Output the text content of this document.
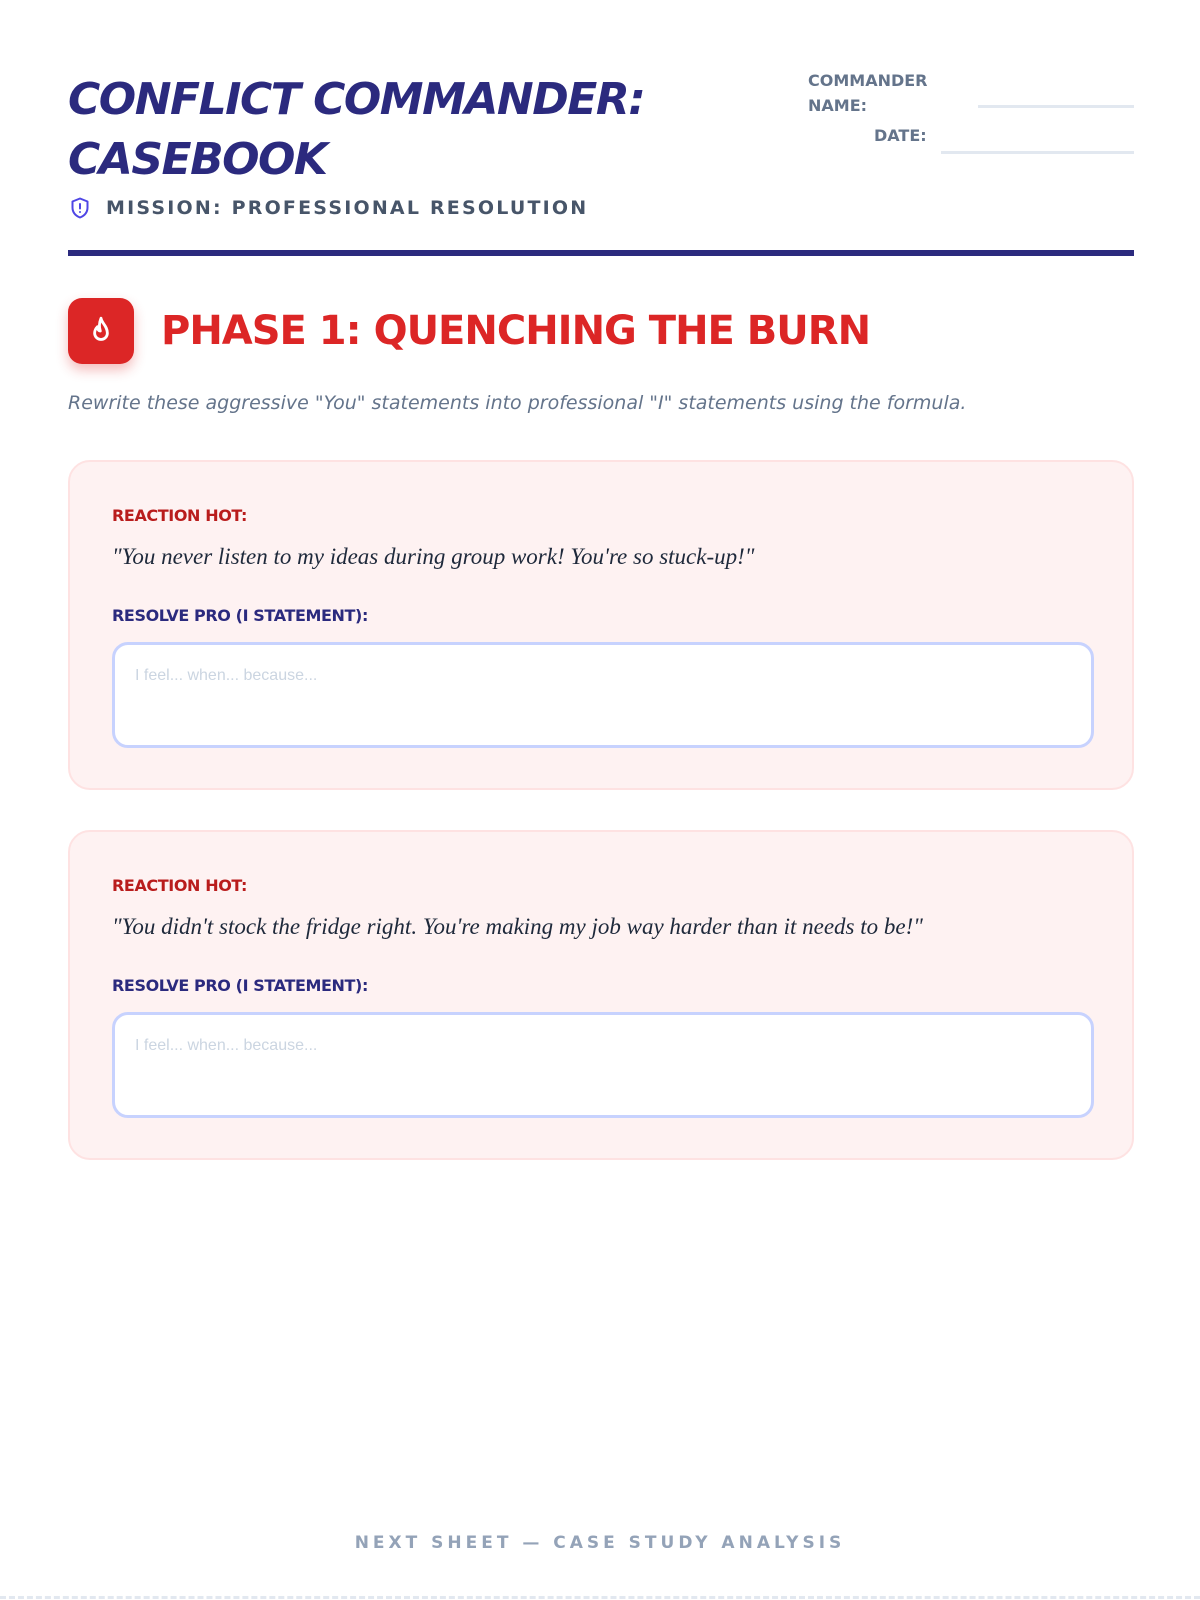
CONFLICT COMMANDER: CASEBOOK
MISSION: PROFESSIONAL RESOLUTION
COMMANDER NAME:
DATE:
PHASE 1: QUENCHING THE BURN

Rewrite these aggressive "You" statements into professional "I" statements using the formula.

REACTION HOT:
"You never listen to my ideas during group work! You're so stuck-up!"
RESOLVE PRO (I STATEMENT):
I feel... when... because...
REACTION HOT:
"You didn't stock the fridge right. You're making my job way harder than it needs to be!"
RESOLVE PRO (I STATEMENT):
I feel... when... because...
NEXT SHEET — CASE STUDY ANALYSIS
